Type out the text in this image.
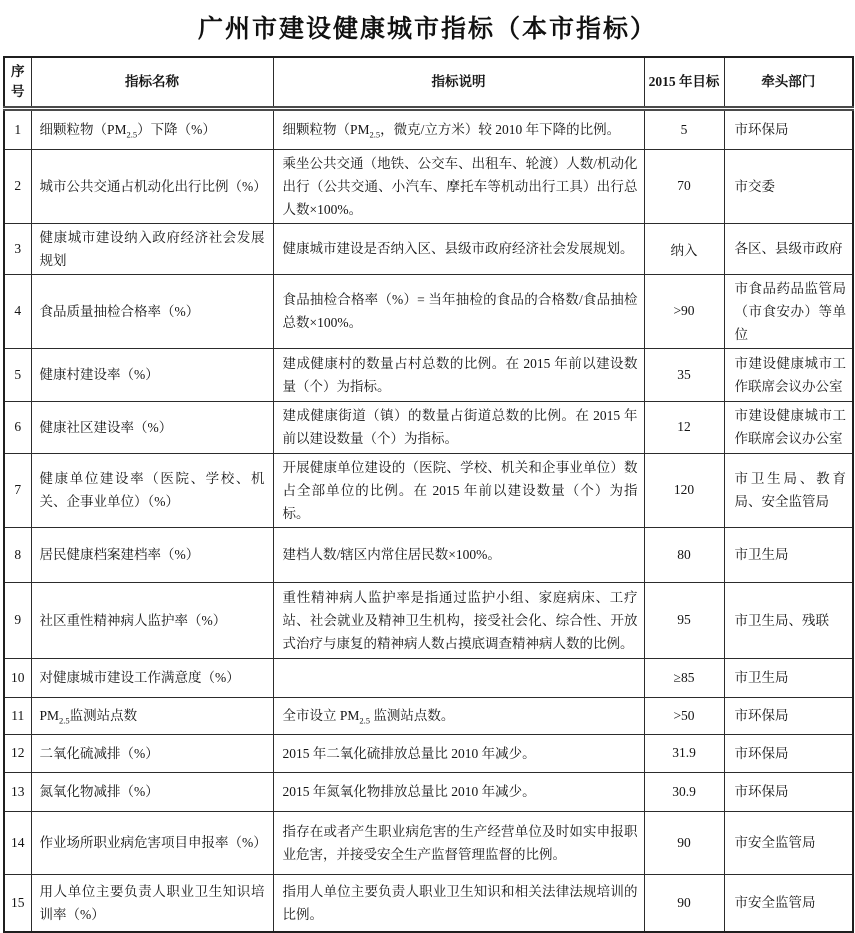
广州市建设健康城市指标（本市指标）
序号	指标名称	指标说明	2015 年目标	牵头部门
1	细颗粒物$(PM_{2.5})$下降（%）	细颗粒物（$PM_{2.5}$，微克/立方米）较 2010 年下降的比例。	5	市环保局
2	城市公共交通占机动化出行比例（%）	乘坐公共交通（地铁、公交车、出租车、轮渡）人数/机动化出行（公共交通、小汽车、摩托车等机动出行工具）出行总人数×100%。	70	市交委
3	健康城市建设纳入政府经济社会发展规划	健康城市建设是否纳入区、县级市政府经济社会发展规划。	纳入	各区、县级市政府
4	食品质量抽检合格率（%）	食品抽检合格率（%）= 当年抽检的食品的合格数/食品抽检总数×100%。	>90	市食品药品监管局（市食安办）等单位
5	健康村建设率（%）	建成健康村的数量占村总数的比例。在 2015 年前以建设数量（个）为指标。	35	市建设健康城市工作联席会议办公室
6	健康社区建设率（%）	建成健康街道（镇）的数量占街道总数的比例。在 2015 年前以建设数量（个）为指标。	12	市建设健康城市工作联席会议办公室
7	健康单位建设率（医院、学校、机关、企事业单位）（%）	开展健康单位建设的（医院、学校、机关和企事业单位）数占全部单位的比例。在 2015 年前以建设数量（个）为指标。	120	市卫生局、教育局、安全监管局
8	居民健康档案建档率（%）	建档人数/辖区内常住居民数×100%。	80	市卫生局
9	社区重性精神病人监护率（%）	重性精神病人监护率是指通过监护小组、家庭病床、工疗站、社会就业及精神卫生机构，接受社会化、综合性、开放式治疗与康复的精神病人数占摸底调查精神病人数的比例。	95	市卫生局、残联
10	对健康城市建设工作满意度（%）		≥85	市卫生局
11	$PM_{2.5}$监测站点数	全市设立 $PM_{2.5}$ 监测站点数。	>50	市环保局
12	二氧化硫减排（%）	2015 年二氧化硫排放总量比 2010 年减少。	31.9	市环保局
13	氮氧化物减排（%）	2015 年氮氧化物排放总量比 2010 年减少。	30.9	市环保局
14	作业场所职业病危害项目申报率（%）	指存在或者产生职业病危害的生产经营单位及时如实申报职业危害，并接受安全生产监督管理监督的比例。	90	市安全监管局
15	用人单位主要负责人职业卫生知识培训率（%）	指用人单位主要负责人职业卫生知识和相关法律法规培训的比例。	90	市安全监管局
